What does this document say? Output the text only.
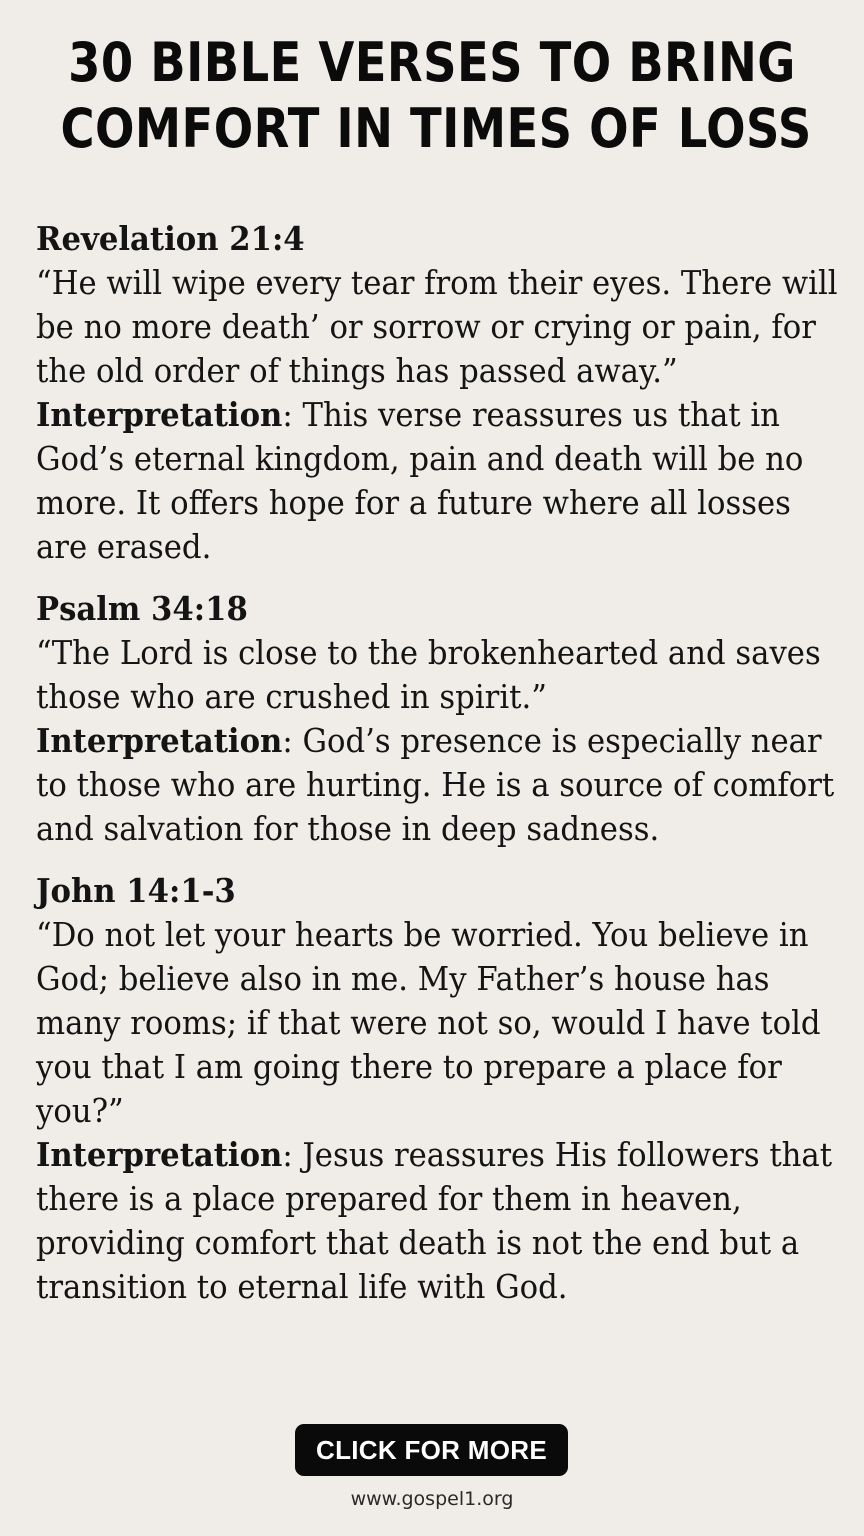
30 BIBLE VERSES TO BRING
COMFORT IN TIMES OF LOSS
Revelation 21:4
“He will wipe every tear from their eyes. There will be no more death’ or sorrow or crying or pain, for the old order of things has passed away.”
Interpretation: This verse reassures us that in God’s eternal kingdom, pain and death will be no more. It offers hope for a future where all losses are erased.
Psalm 34:18
“The Lord is close to the brokenhearted and saves those who are crushed in spirit.”
Interpretation: God’s presence is especially near to those who are hurting. He is a source of comfort and salvation for those in deep sadness.
John 14:1-3
“Do not let your hearts be worried. You believe in God; believe also in me. My Father’s house has many rooms; if that were not so, would I have told you that I am going there to prepare a place for you?”
Interpretation: Jesus reassures His followers that there is a place prepared for them in heaven, providing comfort that death is not the end but a transition to eternal life with God.
CLICK FOR MORE
www.gospel1.org
